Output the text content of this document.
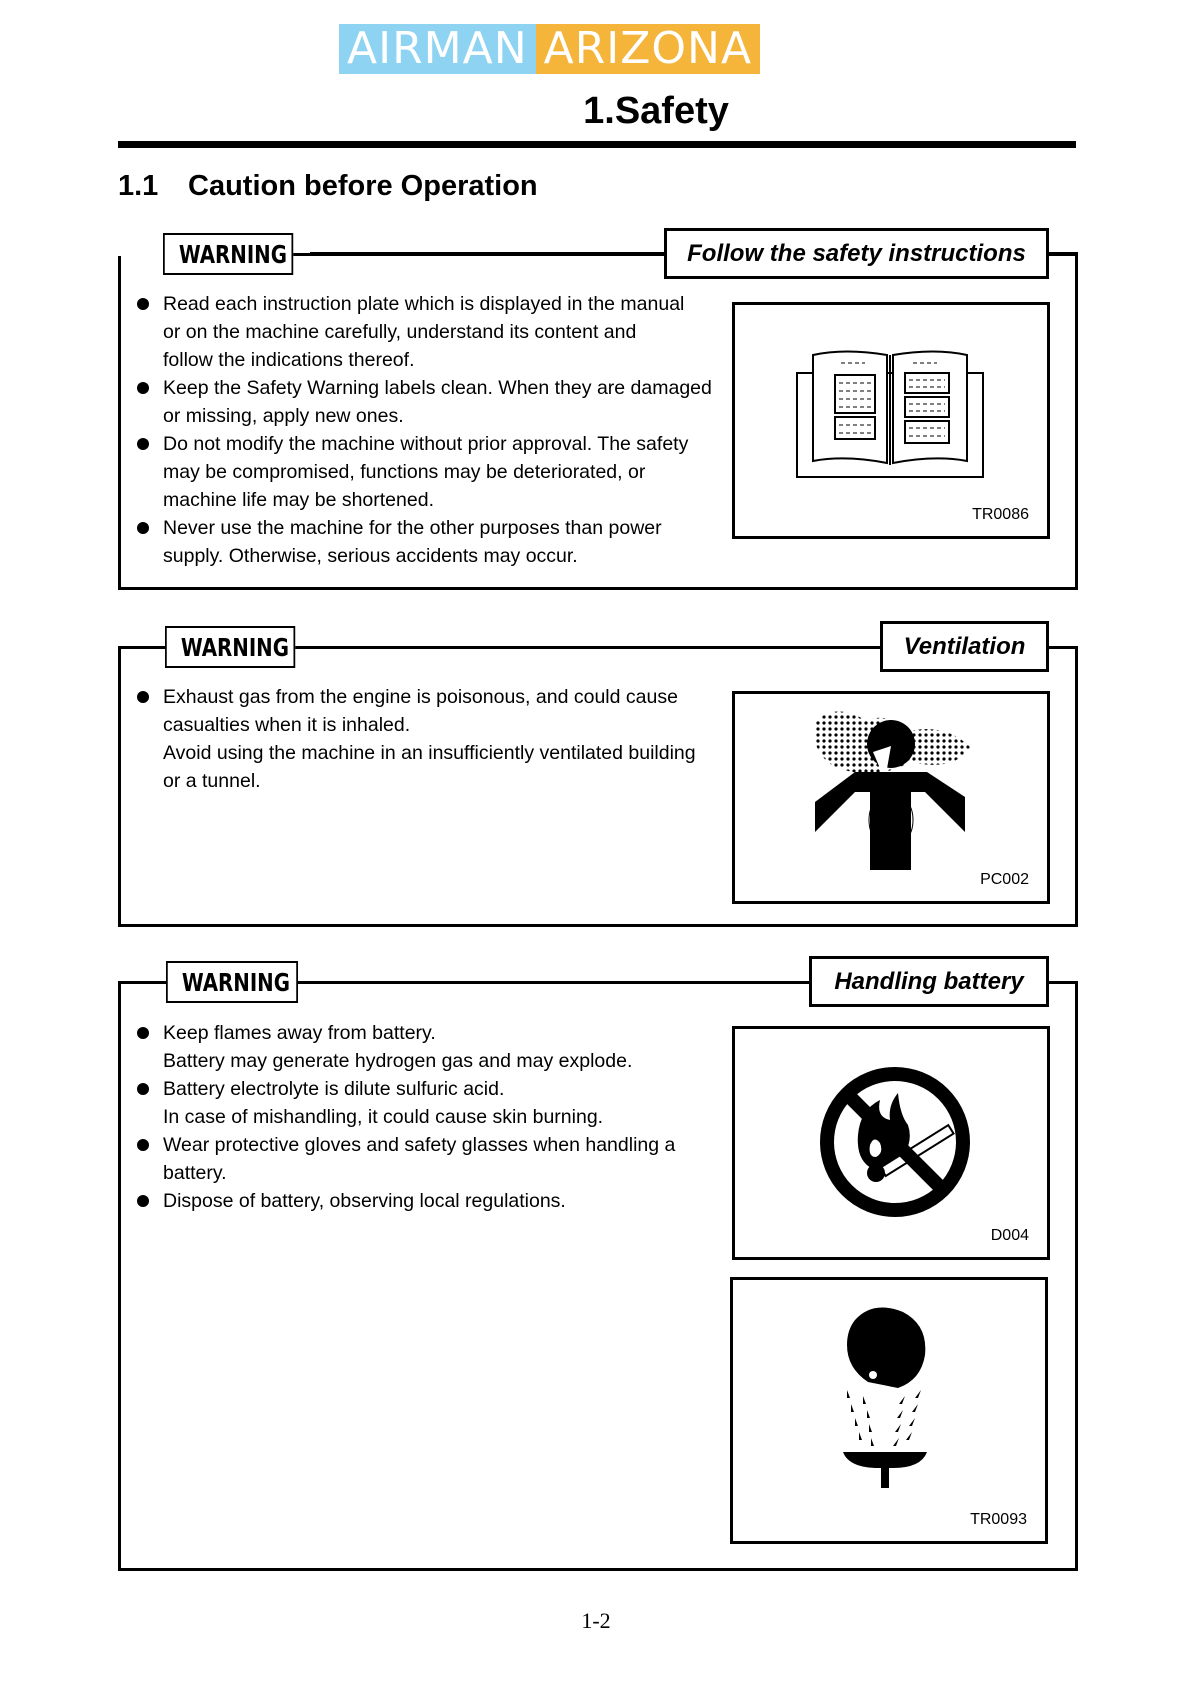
AIRMAN ARIZONA
1.Safety
1.1 Caution before Operation
WARNING	Follow the safety instructions
Read each instruction plate which is displayed in the manual
or on the machine carefully, understand its content and
follow the indications thereof.
Keep the Safety Warning labels clean. When they are damaged
or missing, apply new ones.
Do not modify the machine without prior approval. The safety
may be compromised, functions may be deteriorated, or
machine life may be shortened.
Never use the machine for the other purposes than power
supply. Otherwise, serious accidents may occur.
TR0086
WARNING	Ventilation
Exhaust gas from the engine is poisonous, and could cause
casualties when it is inhaled.
Avoid using the machine in an insufficiently ventilated building
or a tunnel.
PC002
WARNING	Handling battery
Keep flames away from battery.
Battery may generate hydrogen gas and may explode.
Battery electrolyte is dilute sulfuric acid.
In case of mishandling, it could cause skin burning.
Wear protective gloves and safety glasses when handling a
battery.
Dispose of battery, observing local regulations.
D004
TR0093
1-2
